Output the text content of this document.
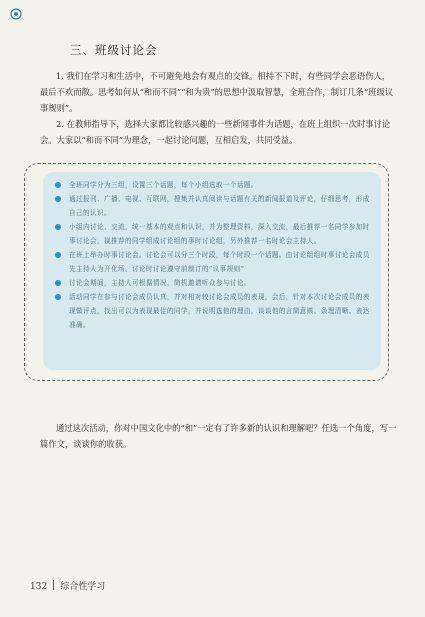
三、班级讨论会

1. 我们在学习和生活中，不可避免地会有观点的交锋。相持不下时，有些同学会恶语伤人，最后不欢而散。思考如何从“和而不同”“和为贵”的思想中汲取智慧，全班合作，制订几条“班级议事规则”。

2. 在教师指导下，选择大家都比较感兴趣的一些新闻事件为话题，在班上组织一次时事讨论会。大家以“和而不同”为理念，一起讨论问题，互相启发，共同受益。

全班同学分为三组，设置三个话题，每个小组选取一个话题。
通过报刊、广播、电视、互联网，搜集并认真阅读与话题有关的新闻报道及评论，仔细思考，形成自己的认识。
小组内讨论、交流，统一基本的观点和认识，并为整理资料，深入交流，最后推荐一名同学参加时事讨论会，视推荐的同学组成讨论组的事时讨论组，另外推荐一名时论会主持人。
在班上举办时事讨论会。讨论会可以分三个时段，每个时段一个话题。由讨论组组时事讨论会成员先主持人为开化场。讨论时讨论遵守前制订的“议事规则”
讨论会期间，主持人可根据情况，简机邀请听众参与讨论。
活动同学在参与讨论会成员认真，并对相对较讨论会成员的表现，会后，针对本次讨论会成员的表现做评点，找出可以为表现最佳的同学，并说明选他的理由，谈谈他的言简意赅、条理清晰、表达准确。

通过这次活动，你对中国文化中的“和”一定有了许多新的认识和理解吧？任选一个角度，写一篇作文，谈谈你的收获。

132 综合性学习
